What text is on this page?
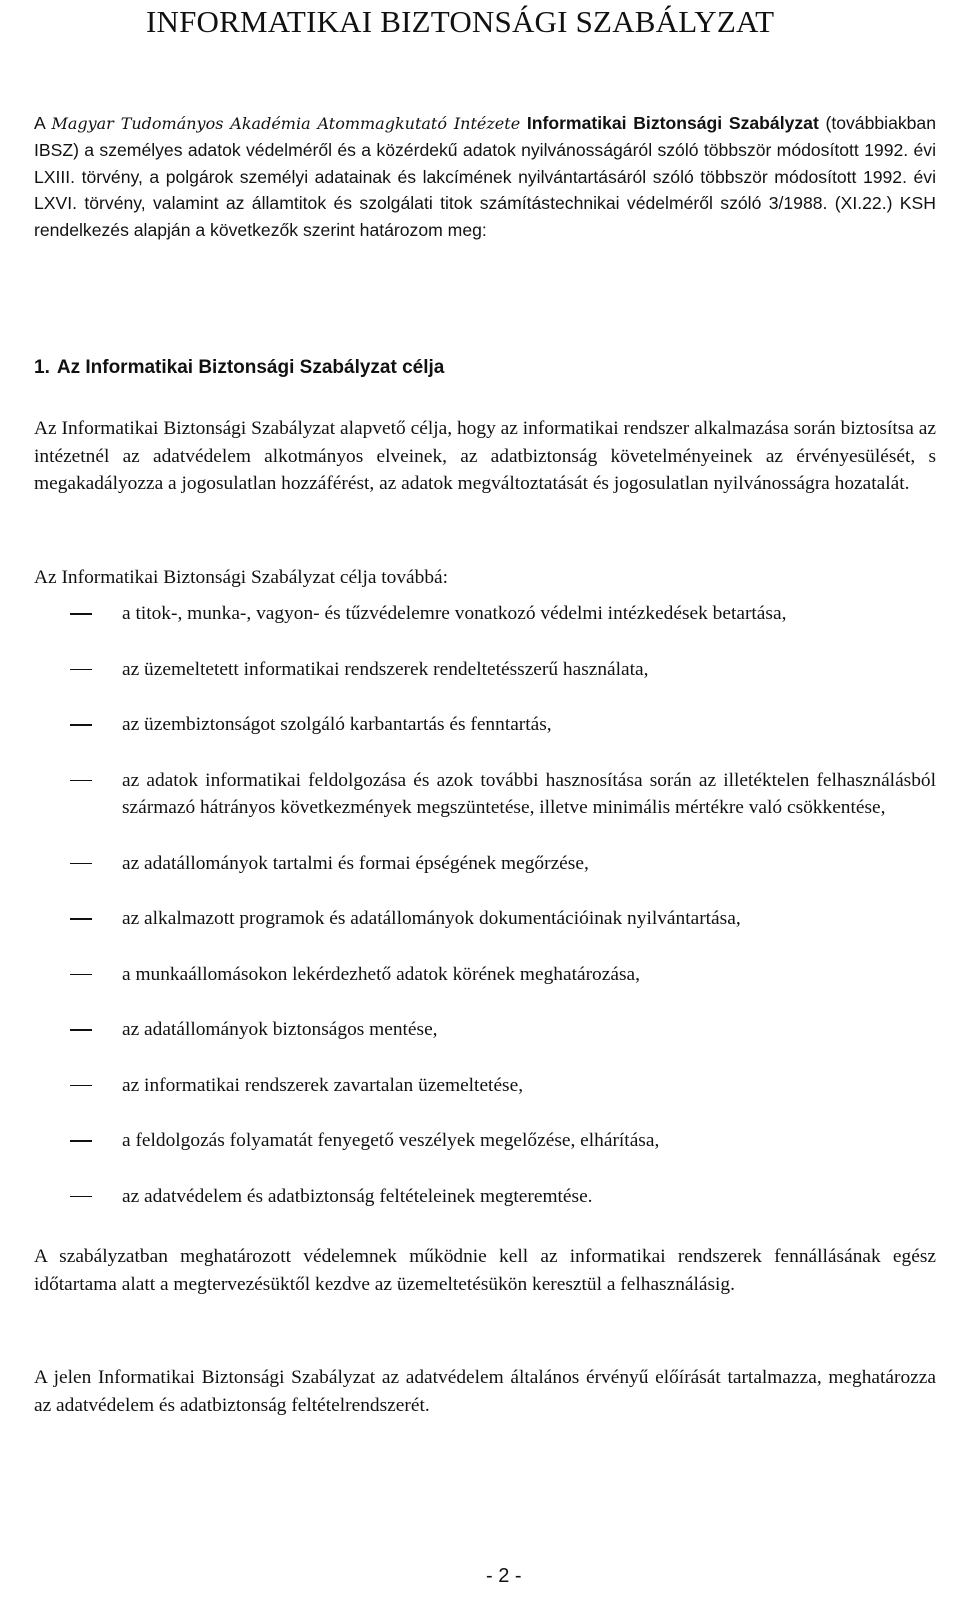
INFORMATIKAI BIZTONSÁGI SZABÁLYZAT

A Magyar Tudományos Akadémia Atommagkutató Intézete Informatikai Biztonsági Szabályzat (továbbiakban IBSZ) a személyes adatok védelméről és a közérdekű adatok nyilvánosságáról szóló többször módosított 1992. évi LXIII. törvény, a polgárok személyi adatainak és lakcímének nyilvántartásáról szóló többször módosított 1992. évi LXVI. törvény, valamint az államtitok és szolgálati titok számítástechnikai védelméről szóló 3/1988. (XI.22.) KSH rendelkezés alapján a következők szerint határozom meg:

1. Az Informatikai Biztonsági Szabályzat célja

Az Informatikai Biztonsági Szabályzat alapvető célja, hogy az informatikai rendszer alkalmazása során biztosítsa az intézetnél az adatvédelem alkotmányos elveinek, az adatbiztonság követelményeinek az érvényesülését, s megakadályozza a jogosulatlan hozzáférést, az adatok megváltoztatását és jogosulatlan nyilvánosságra hozatalát.

Az Informatikai Biztonsági Szabályzat célja továbbá:

a titok-, munka-, vagyon- és tűzvédelemre vonatkozó védelmi intézkedések betartása,
az üzemeltetett informatikai rendszerek rendeltetésszerű használata,
az üzembiztonságot szolgáló karbantartás és fenntartás,
az adatok informatikai feldolgozása és azok további hasznosítása során az illetéktelen felhasználásból származó hátrányos következmények megszüntetése, illetve minimális mértékre való csökkentése,
az adatállományok tartalmi és formai épségének megőrzése,
az alkalmazott programok és adatállományok dokumentációinak nyilvántartása,
a munkaállomásokon lekérdezhető adatok körének meghatározása,
az adatállományok biztonságos mentése,
az informatikai rendszerek zavartalan üzemeltetése,
a feldolgozás folyamatát fenyegető veszélyek megelőzése, elhárítása,
az adatvédelem és adatbiztonság feltételeinek megteremtése.

A szabályzatban meghatározott védelemnek működnie kell az informatikai rendszerek fennállásának egész időtartama alatt a megtervezésüktől kezdve az üzemeltetésükön keresztül a felhasználásig.

A jelen Informatikai Biztonsági Szabályzat az adatvédelem általános érvényű előírását tartalmazza, meghatározza az adatvédelem és adatbiztonság feltételrendszerét.

- 2 -
